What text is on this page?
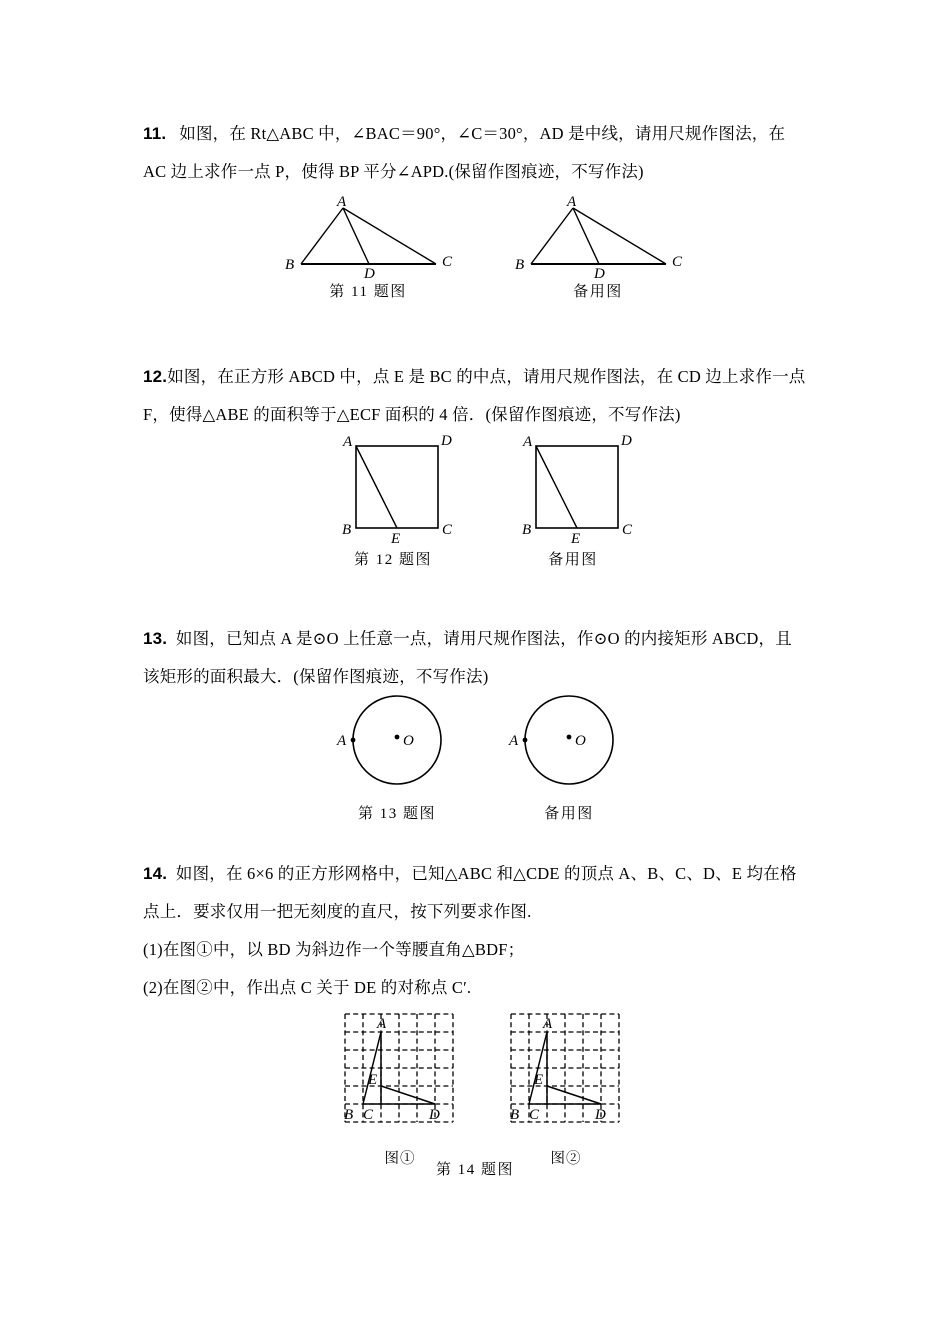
11. 如图，在 Rt△ABC 中，∠BAC＝90°，∠C＝30°，AD 是中线，请用尺规作图法，在
AC 边上求作一点 P，使得 BP 平分∠APD.(保留作图痕迹，不写作法)
A
B	C
D
第 11 题图
A
B	C
D
备用图
12.如图，在正方形 ABCD 中，点 E 是 BC 的中点，请用尺规作图法，在 CD 边上求作一点
F，使得△ABE 的面积等于△ECF 面积的 4 倍．(保留作图痕迹，不写作法)
A	D
B	C
E
第 12 题图
A	D
B	C
E
备用图
13. 如图，已知点 A 是⊙O 上任意一点，请用尺规作图法，作⊙O 的内接矩形 ABCD，且
该矩形的面积最大．(保留作图痕迹，不写作法)
A	O
第 13 题图
A	O
备用图
14. 如图，在 6×6 的正方形网格中，已知△ABC 和△CDE 的顶点 A、B、C、D、E 均在格
点上．要求仅用一把无刻度的直尺，按下列要求作图.
(1)在图①中，以 BD 为斜边作一个等腰直角△BDF；
(2)在图②中，作出点 C 关于 DE 的对称点 C′.
A
B C	D
E
图①
A
B C	D
E
图②
第 14 题图
